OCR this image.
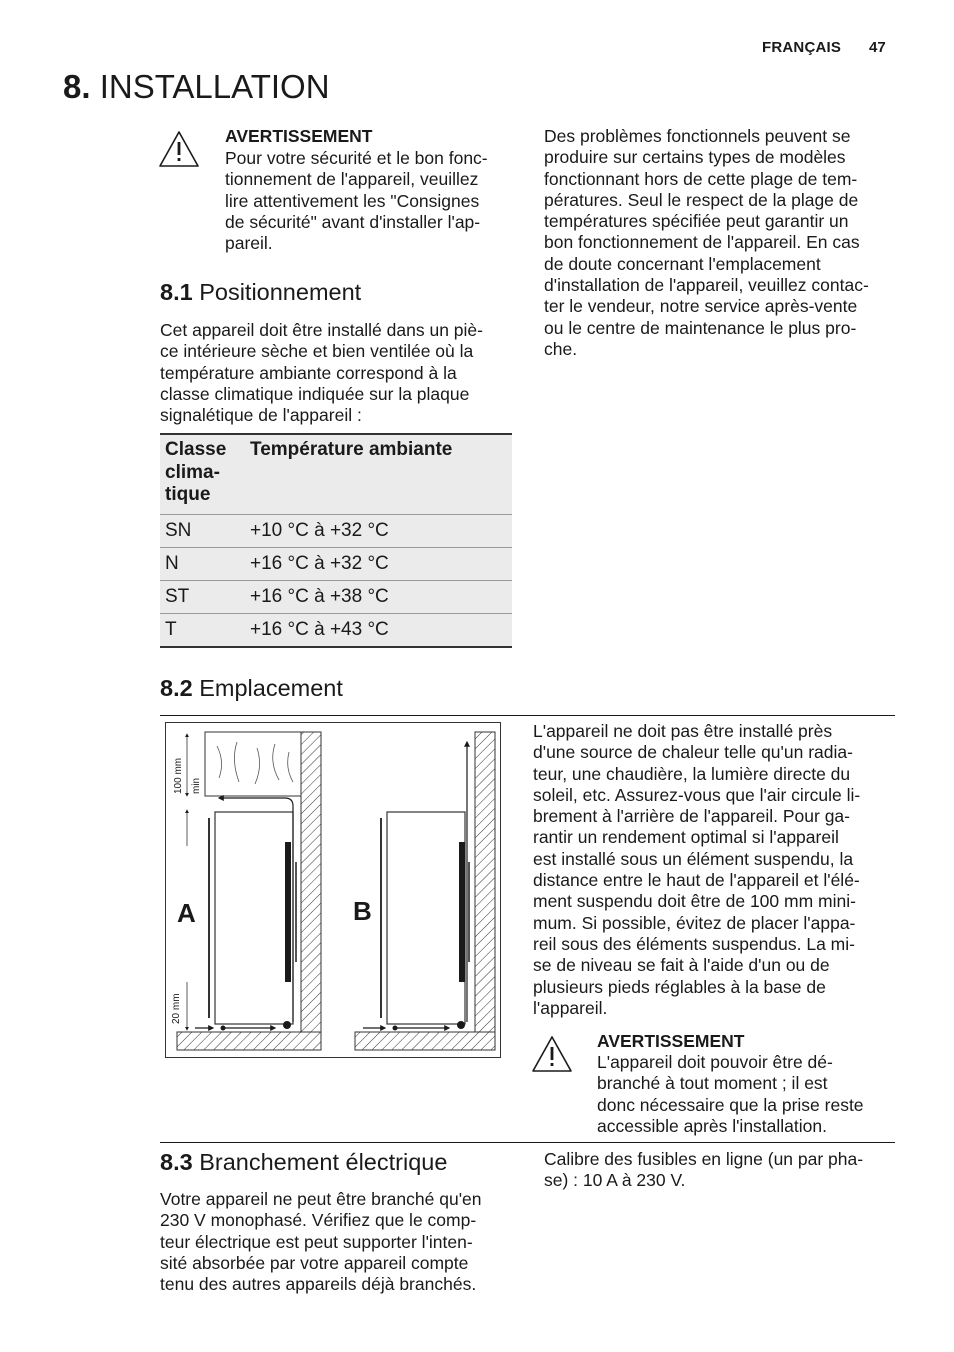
FRANÇAIS 47
8. INSTALLATION
AVERTISSEMENT
Pour votre sécurité et le bon fonc-
tionnement de l'appareil, veuillez
lire attentivement les "Consignes
de sécurité" avant d'installer l'ap-
pareil.
Des problèmes fonctionnels peuvent se
produire sur certains types de modèles
fonctionnant hors de cette plage de tem-
pératures. Seul le respect de la plage de
températures spécifiée peut garantir un
bon fonctionnement de l'appareil. En cas
de doute concernant l'emplacement
d'installation de l'appareil, veuillez contac-
ter le vendeur, notre service après-vente
ou le centre de maintenance le plus pro-
che.
8.1 Positionnement
Cet appareil doit être installé dans un piè-
ce intérieure sèche et bien ventilée où la
température ambiante correspond à la
classe climatique indiquée sur la plaque
signalétique de l'appareil :
Classe
clima-
tique	Température ambiante
SN	+10 °C à +32 °C
N	+16 °C à +32 °C
ST	+16 °C à +38 °C
T	+16 °C à +43 °C
8.2 Emplacement
A	B
100 mm min
20 mm
L'appareil ne doit pas être installé près
d'une source de chaleur telle qu'un radia-
teur, une chaudière, la lumière directe du
soleil, etc. Assurez-vous que l'air circule li-
brement à l'arrière de l'appareil. Pour ga-
rantir un rendement optimal si l'appareil
est installé sous un élément suspendu, la
distance entre le haut de l'appareil et l'élé-
ment suspendu doit être de 100 mm mini-
mum. Si possible, évitez de placer l'appa-
reil sous des éléments suspendus. La mi-
se de niveau se fait à l'aide d'un ou de
plusieurs pieds réglables à la base de
l'appareil.
AVERTISSEMENT
L'appareil doit pouvoir être dé-
branché à tout moment ; il est
donc nécessaire que la prise reste
accessible après l'installation.
8.3 Branchement électrique
Votre appareil ne peut être branché qu'en
230 V monophasé. Vérifiez que le comp-
teur électrique est peut supporter l'inten-
sité absorbée par votre appareil compte
tenu des autres appareils déjà branchés.
Calibre des fusibles en ligne (un par pha-
se) : 10 A à 230 V.
